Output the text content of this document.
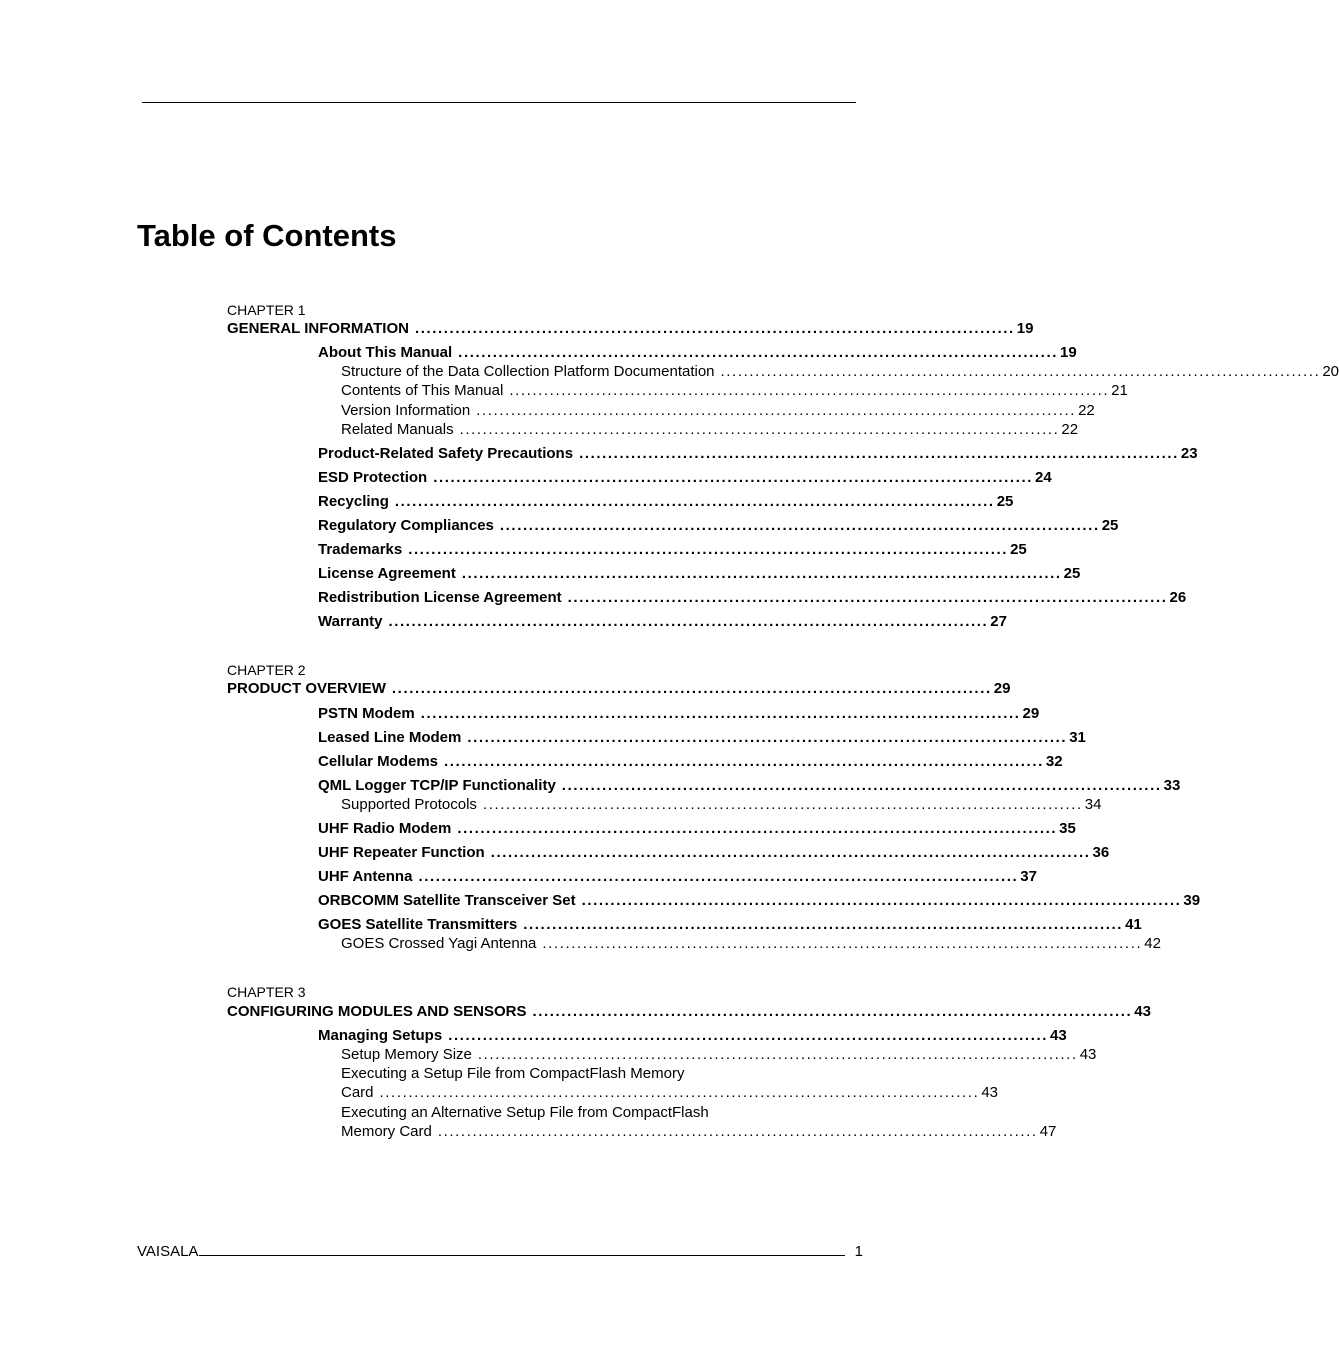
Table of Contents
CHAPTER 1
GENERAL INFORMATION ........................................................................................................ 19
About This Manual ........................................................................................................ 19
Structure of the Data Collection Platform Documentation ........................................................................................................ 20
Contents of This Manual ........................................................................................................ 21
Version Information ........................................................................................................ 22
Related Manuals ........................................................................................................ 22
Product-Related Safety Precautions ........................................................................................................ 23
ESD Protection ........................................................................................................ 24
Recycling ........................................................................................................ 25
Regulatory Compliances ........................................................................................................ 25
Trademarks ........................................................................................................ 25
License Agreement ........................................................................................................ 25
Redistribution License Agreement ........................................................................................................ 26
Warranty ........................................................................................................ 27
CHAPTER 2
PRODUCT OVERVIEW ........................................................................................................ 29
PSTN Modem ........................................................................................................ 29
Leased Line Modem ........................................................................................................ 31
Cellular Modems ........................................................................................................ 32
QML Logger TCP/IP Functionality ........................................................................................................ 33
Supported Protocols ........................................................................................................ 34
UHF Radio Modem ........................................................................................................ 35
UHF Repeater Function ........................................................................................................ 36
UHF Antenna ........................................................................................................ 37
ORBCOMM Satellite Transceiver Set ........................................................................................................ 39
GOES Satellite Transmitters ........................................................................................................ 41
GOES Crossed Yagi Antenna ........................................................................................................ 42
CHAPTER 3
CONFIGURING MODULES AND SENSORS ........................................................................................................ 43
Managing Setups ........................................................................................................ 43
Setup Memory Size ........................................................................................................ 43
Executing a Setup File from CompactFlash Memory
Card ........................................................................................................ 43
Executing an Alternative Setup File from CompactFlash
Memory Card ........................................................................................................ 47
VAISALA	1
